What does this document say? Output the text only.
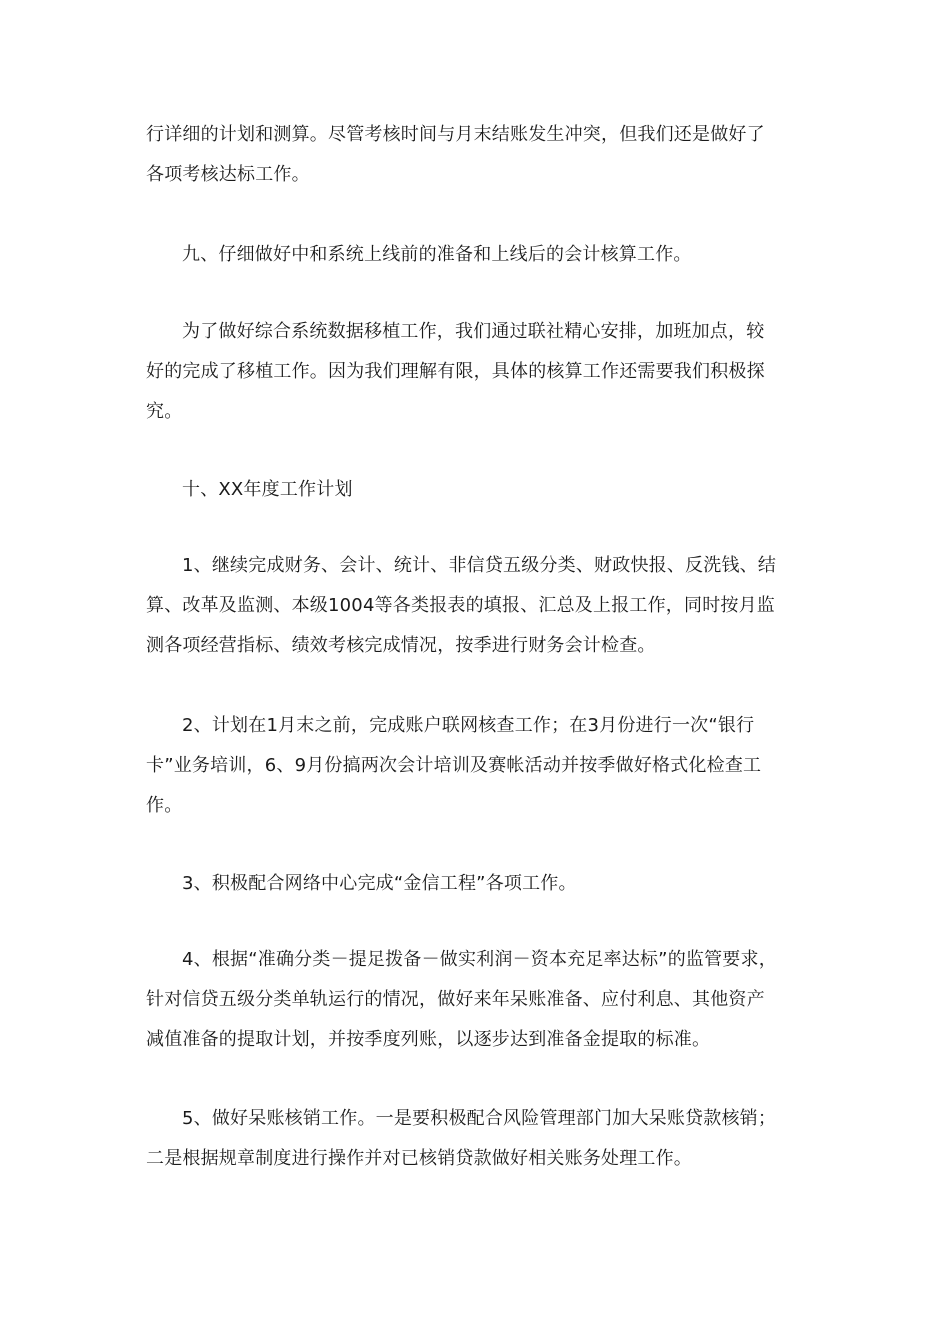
行详细的计划和测算。尽管考核时间与月末结账发生冲突，但我们还是做好了
各项考核达标工作。
九、仔细做好中和系统上线前的准备和上线后的会计核算工作。
为了做好综合系统数据移植工作，我们通过联社精心安排，加班加点，较
好的完成了移植工作。因为我们理解有限，具体的核算工作还需要我们积极探
究。
十、XX年度工作计划
1、继续完成财务、会计、统计、非信贷五级分类、财政快报、反洗钱、结
算、改革及监测、本级1004等各类报表的填报、汇总及上报工作，同时按月监
测各项经营指标、绩效考核完成情况，按季进行财务会计检查。
2、计划在1月末之前，完成账户联网核查工作；在3月份进行一次“银行
卡”业务培训，6、9月份搞两次会计培训及赛帐活动并按季做好格式化检查工
作。
3、积极配合网络中心完成“金信工程”各项工作。
4、根据“准确分类－提足拨备－做实利润－资本充足率达标”的监管要求，
针对信贷五级分类单轨运行的情况，做好来年呆账准备、应付利息、其他资产
减值准备的提取计划，并按季度列账，以逐步达到准备金提取的标准。
5、做好呆账核销工作。一是要积极配合风险管理部门加大呆账贷款核销；
二是根据规章制度进行操作并对已核销贷款做好相关账务处理工作。
